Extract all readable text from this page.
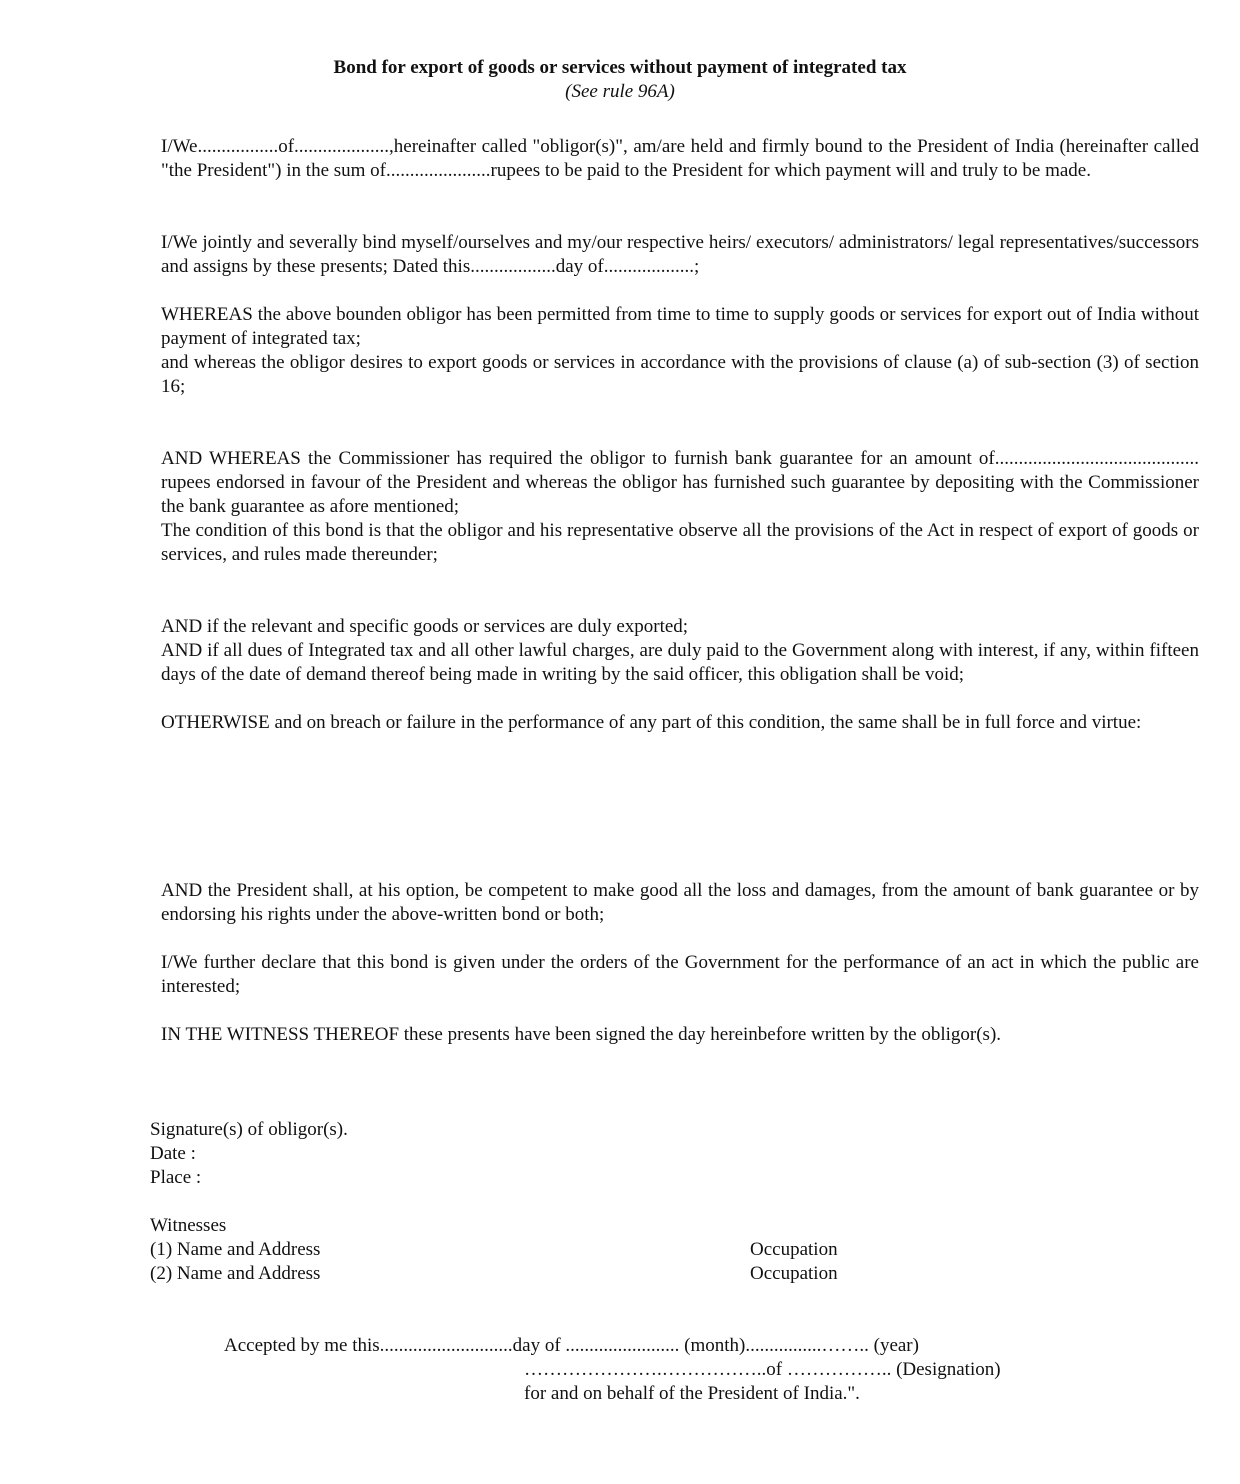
Bond for export of goods or services without payment of integrated tax
(See rule 96A)

I/We.................of....................,hereinafter called "obligor(s)", am/are held and firmly bound to the President of India (hereinafter called "the President") in the sum of......................rupees to be paid to the President for which payment will and truly to be made.

I/We jointly and severally bind myself/ourselves and my/our respective heirs/ executors/ administrators/ legal representatives/successors and assigns by these presents; Dated this..................day of...................;

WHEREAS the above bounden obligor has been permitted from time to time to supply goods or services for export out of India without payment of integrated tax;

and whereas the obligor desires to export goods or services in accordance with the provisions of clause (a) of sub-section (3) of section 16;

AND WHEREAS the Commissioner has required the obligor to furnish bank guarantee for an amount of........................................... rupees endorsed in favour of the President and whereas the obligor has furnished such guarantee by depositing with the Commissioner the bank guarantee as afore mentioned;

The condition of this bond is that the obligor and his representative observe all the provisions of the Act in respect of export of goods or services, and rules made thereunder;

AND if the relevant and specific goods or services are duly exported;

AND if all dues of Integrated tax and all other lawful charges, are duly paid to the Government along with interest, if any, within fifteen days of the date of demand thereof being made in writing by the said officer, this obligation shall be void;

OTHERWISE and on breach or failure in the performance of any part of this condition, the same shall be in full force and virtue:

AND the President shall, at his option, be competent to make good all the loss and damages, from the amount of bank guarantee or by endorsing his rights under the above-written bond or both;

I/We further declare that this bond is given under the orders of the Government for the performance of an act in which the public are interested;

IN THE WITNESS THEREOF these presents have been signed the day hereinbefore written by the obligor(s).

Signature(s) of obligor(s).
Date :
Place :
Witnesses
(1) Name and Address	Occupation
(2) Name and Address	Occupation
Accepted by me this............................day of ........................ (month)................…….. (year)
………………….……………..of …………….. (Designation)
for and on behalf of the President of India.".
